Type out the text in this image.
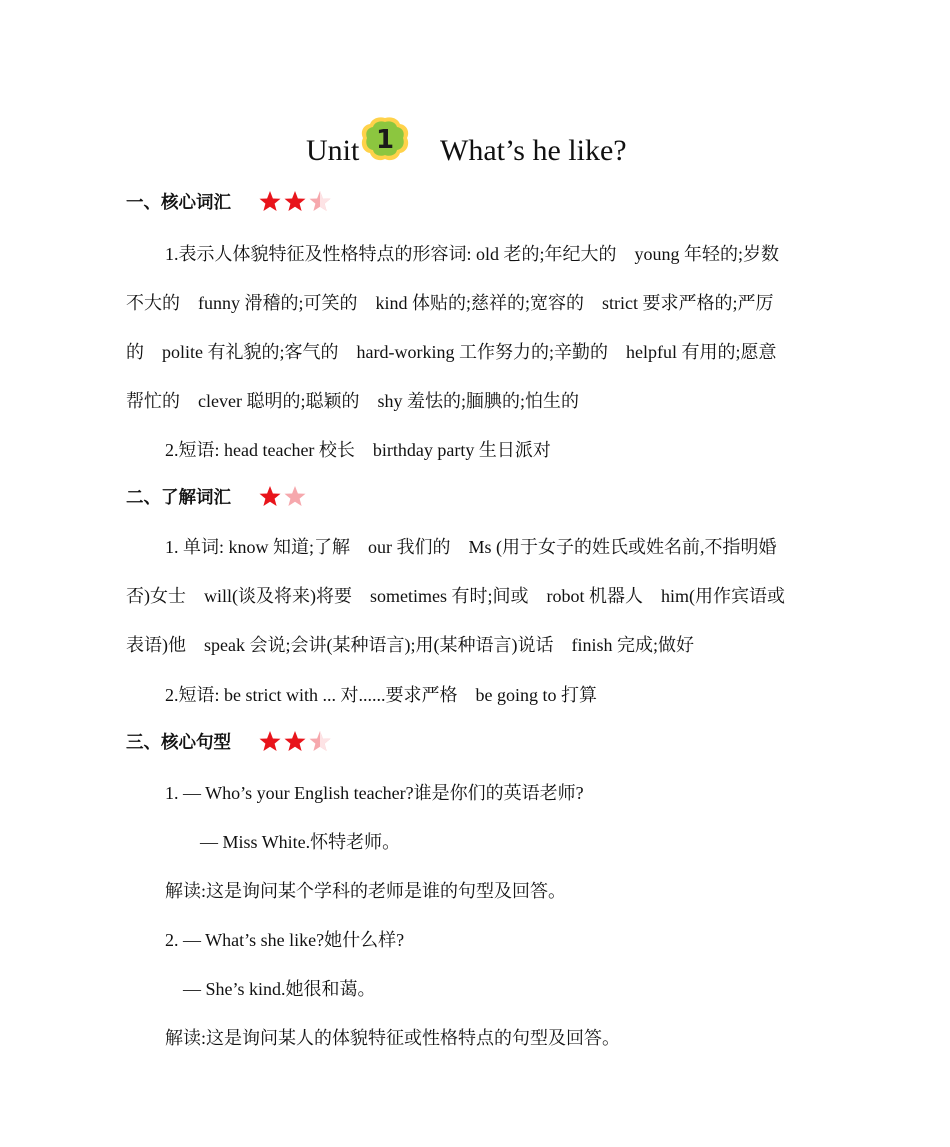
Unit 1 What’s he like?
一、核心词汇
1.表示人体貌特征及性格特点的形容词: old 老的;年纪大的    young 年轻的;岁数
不大的    funny 滑稽的;可笑的    kind 体贴的;慈祥的;宽容的    strict 要求严格的;严厉
的    polite 有礼貌的;客气的    hard-working 工作努力的;辛勤的    helpful 有用的;愿意
帮忙的    clever 聪明的;聪颖的    shy 羞怯的;腼腆的;怕生的
2.短语: head teacher 校长    birthday party 生日派对
二、了解词汇
1. 单词: know 知道;了解    our 我们的    Ms (用于女子的姓氏或姓名前,不指明婚
否)女士    will(谈及将来)将要    sometimes 有时;间或    robot 机器人    him(用作宾语或
表语)他    speak 会说;会讲(某种语言);用(某种语言)说话    finish 完成;做好
2.短语: be strict with ... 对......要求严格    be going to 打算
三、核心句型
1. — Who’s your English teacher?谁是你们的英语老师?
— Miss White.怀特老师。
解读:这是询问某个学科的老师是谁的句型及回答。
2. — What’s she like?她什么样?
— She’s kind.她很和蔼。
解读:这是询问某人的体貌特征或性格特点的句型及回答。
